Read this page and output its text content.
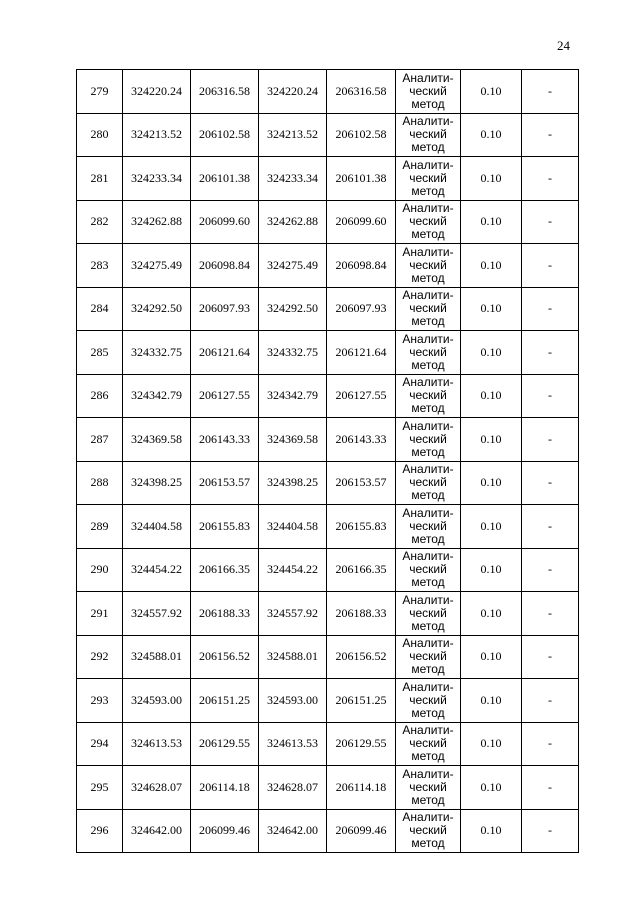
24
279	324220.24	206316.58	324220.24	206316.58	Аналити-
ческий
метод	0.10	-
280	324213.52	206102.58	324213.52	206102.58	Аналити-
ческий
метод	0.10	-
281	324233.34	206101.38	324233.34	206101.38	Аналити-
ческий
метод	0.10	-
282	324262.88	206099.60	324262.88	206099.60	Аналити-
ческий
метод	0.10	-
283	324275.49	206098.84	324275.49	206098.84	Аналити-
ческий
метод	0.10	-
284	324292.50	206097.93	324292.50	206097.93	Аналити-
ческий
метод	0.10	-
285	324332.75	206121.64	324332.75	206121.64	Аналити-
ческий
метод	0.10	-
286	324342.79	206127.55	324342.79	206127.55	Аналити-
ческий
метод	0.10	-
287	324369.58	206143.33	324369.58	206143.33	Аналити-
ческий
метод	0.10	-
288	324398.25	206153.57	324398.25	206153.57	Аналити-
ческий
метод	0.10	-
289	324404.58	206155.83	324404.58	206155.83	Аналити-
ческий
метод	0.10	-
290	324454.22	206166.35	324454.22	206166.35	Аналити-
ческий
метод	0.10	-
291	324557.92	206188.33	324557.92	206188.33	Аналити-
ческий
метод	0.10	-
292	324588.01	206156.52	324588.01	206156.52	Аналити-
ческий
метод	0.10	-
293	324593.00	206151.25	324593.00	206151.25	Аналити-
ческий
метод	0.10	-
294	324613.53	206129.55	324613.53	206129.55	Аналити-
ческий
метод	0.10	-
295	324628.07	206114.18	324628.07	206114.18	Аналити-
ческий
метод	0.10	-
296	324642.00	206099.46	324642.00	206099.46	Аналити-
ческий
метод	0.10	-
